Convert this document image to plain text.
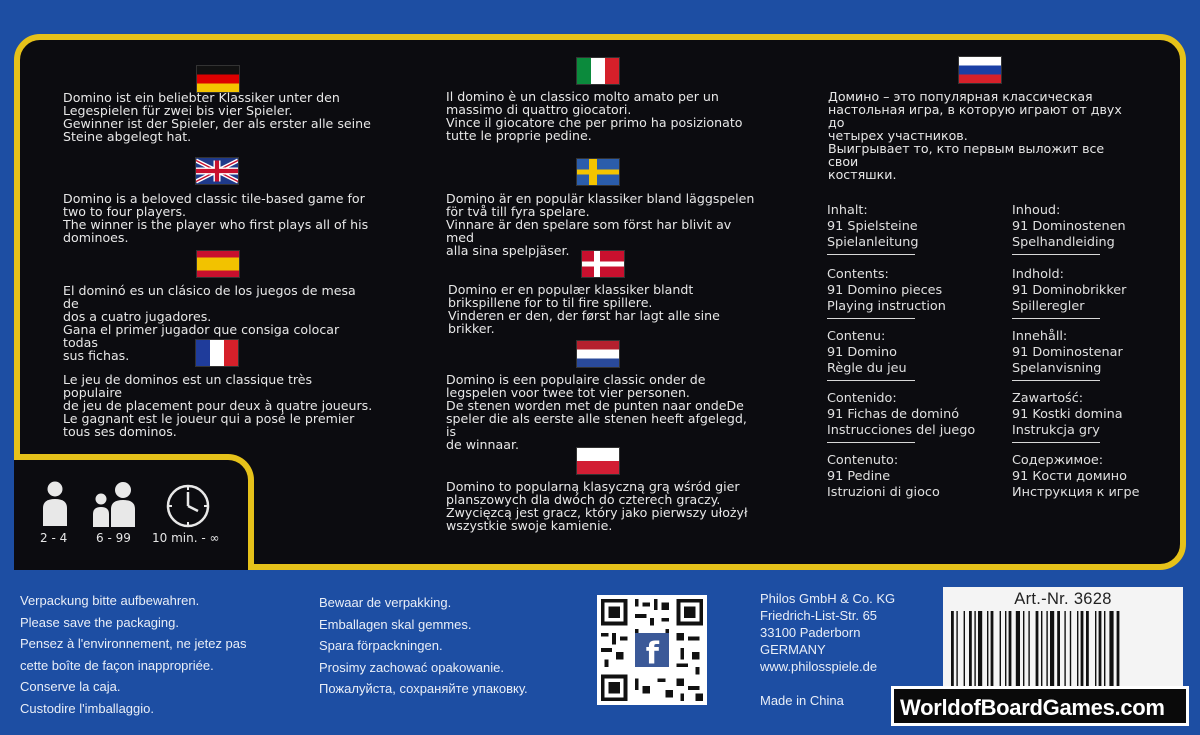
Domino ist ein beliebter Klassiker unter den

Legespielen für zwei bis vier Spieler.

Gewinner ist der Spieler, der als erster alle seine

Steine abgelegt hat.

Domino is a beloved classic tile-based game for

two to four players.

The winner is the player who first plays all of his

dominoes.

El dominó es un clásico de los juegos de mesa de

dos a cuatro jugadores.

Gana el primer jugador que consiga colocar todas

sus fichas.

Le jeu de dominos est un classique très populaire

de jeu de placement pour deux à quatre joueurs.

Le gagnant est le joueur qui a posé le premier

tous ses dominos.

Il domino è un classico molto amato per un

massimo di quattro giocatori.

Vince il giocatore che per primo ha posizionato

tutte le proprie pedine.

Domino är en populär klassiker bland läggspelen

för två till fyra spelare.

Vinnare är den spelare som först har blivit av med

alla sina spelpjäser.

Domino er en populær klassiker blandt

brikspillene for to til fire spillere.

Vinderen er den, der først har lagt alle sine

brikker.

Domino is een populaire classic onder de

legspelen voor twee tot vier personen.

De stenen worden met de punten naar ondeDe

speler die als eerste alle stenen heeft afgelegd, is

de winnaar.

Domino to popularną klasyczną grą wśród gier

planszowych dla dwóch do czterech graczy.

Zwycięzcą jest gracz, który jako pierwszy ułożył

wszystkie swoje kamienie.

Домино – это популярная классическая

настольная игра, в которую играют от двух до

четырех участников.

Выигрывает то, кто первым выложит все свои

костяшки.

Inhalt:
91 Spielsteine
Spielanleitung
Inhoud:
91 Dominostenen
Spelhandleiding
Contents:
91 Domino pieces
Playing instruction
Indhold:
91 Dominobrikker
Spilleregler
Contenu:
91 Domino
Règle du jeu
Innehåll:
91 Dominostenar
Spelanvisning
Contenido:
91 Fichas de dominó
Instrucciones del juego
Zawartość:
91 Kostki domina
Instrukcja gry
Contenuto:
91 Pedine
Istruzioni di gioco
Содержимое:
91 Кости домино
Инструкция к игре
2 - 4 6 - 99 10 min. - ∞
Verpackung bitte aufbewahren.
Please save the packaging.
Pensez à l'environnement, ne jetez pas
cette boîte de façon inappropriée.
Conserve la caja.
Custodire l'imballaggio.
Bewaar de verpakking.
Emballagen skal gemmes.
Spara förpackningen.
Prosimy zachować opakowanie.
Пожалуйста, сохраняйте упаковку.
f
Philos GmbH & Co. KG
Friedrich-List-Str. 65
33100 Paderborn
GERMANY
www.philosspiele.de
Made in China
Art.-Nr. 3628
WorldofBoardGames.com
